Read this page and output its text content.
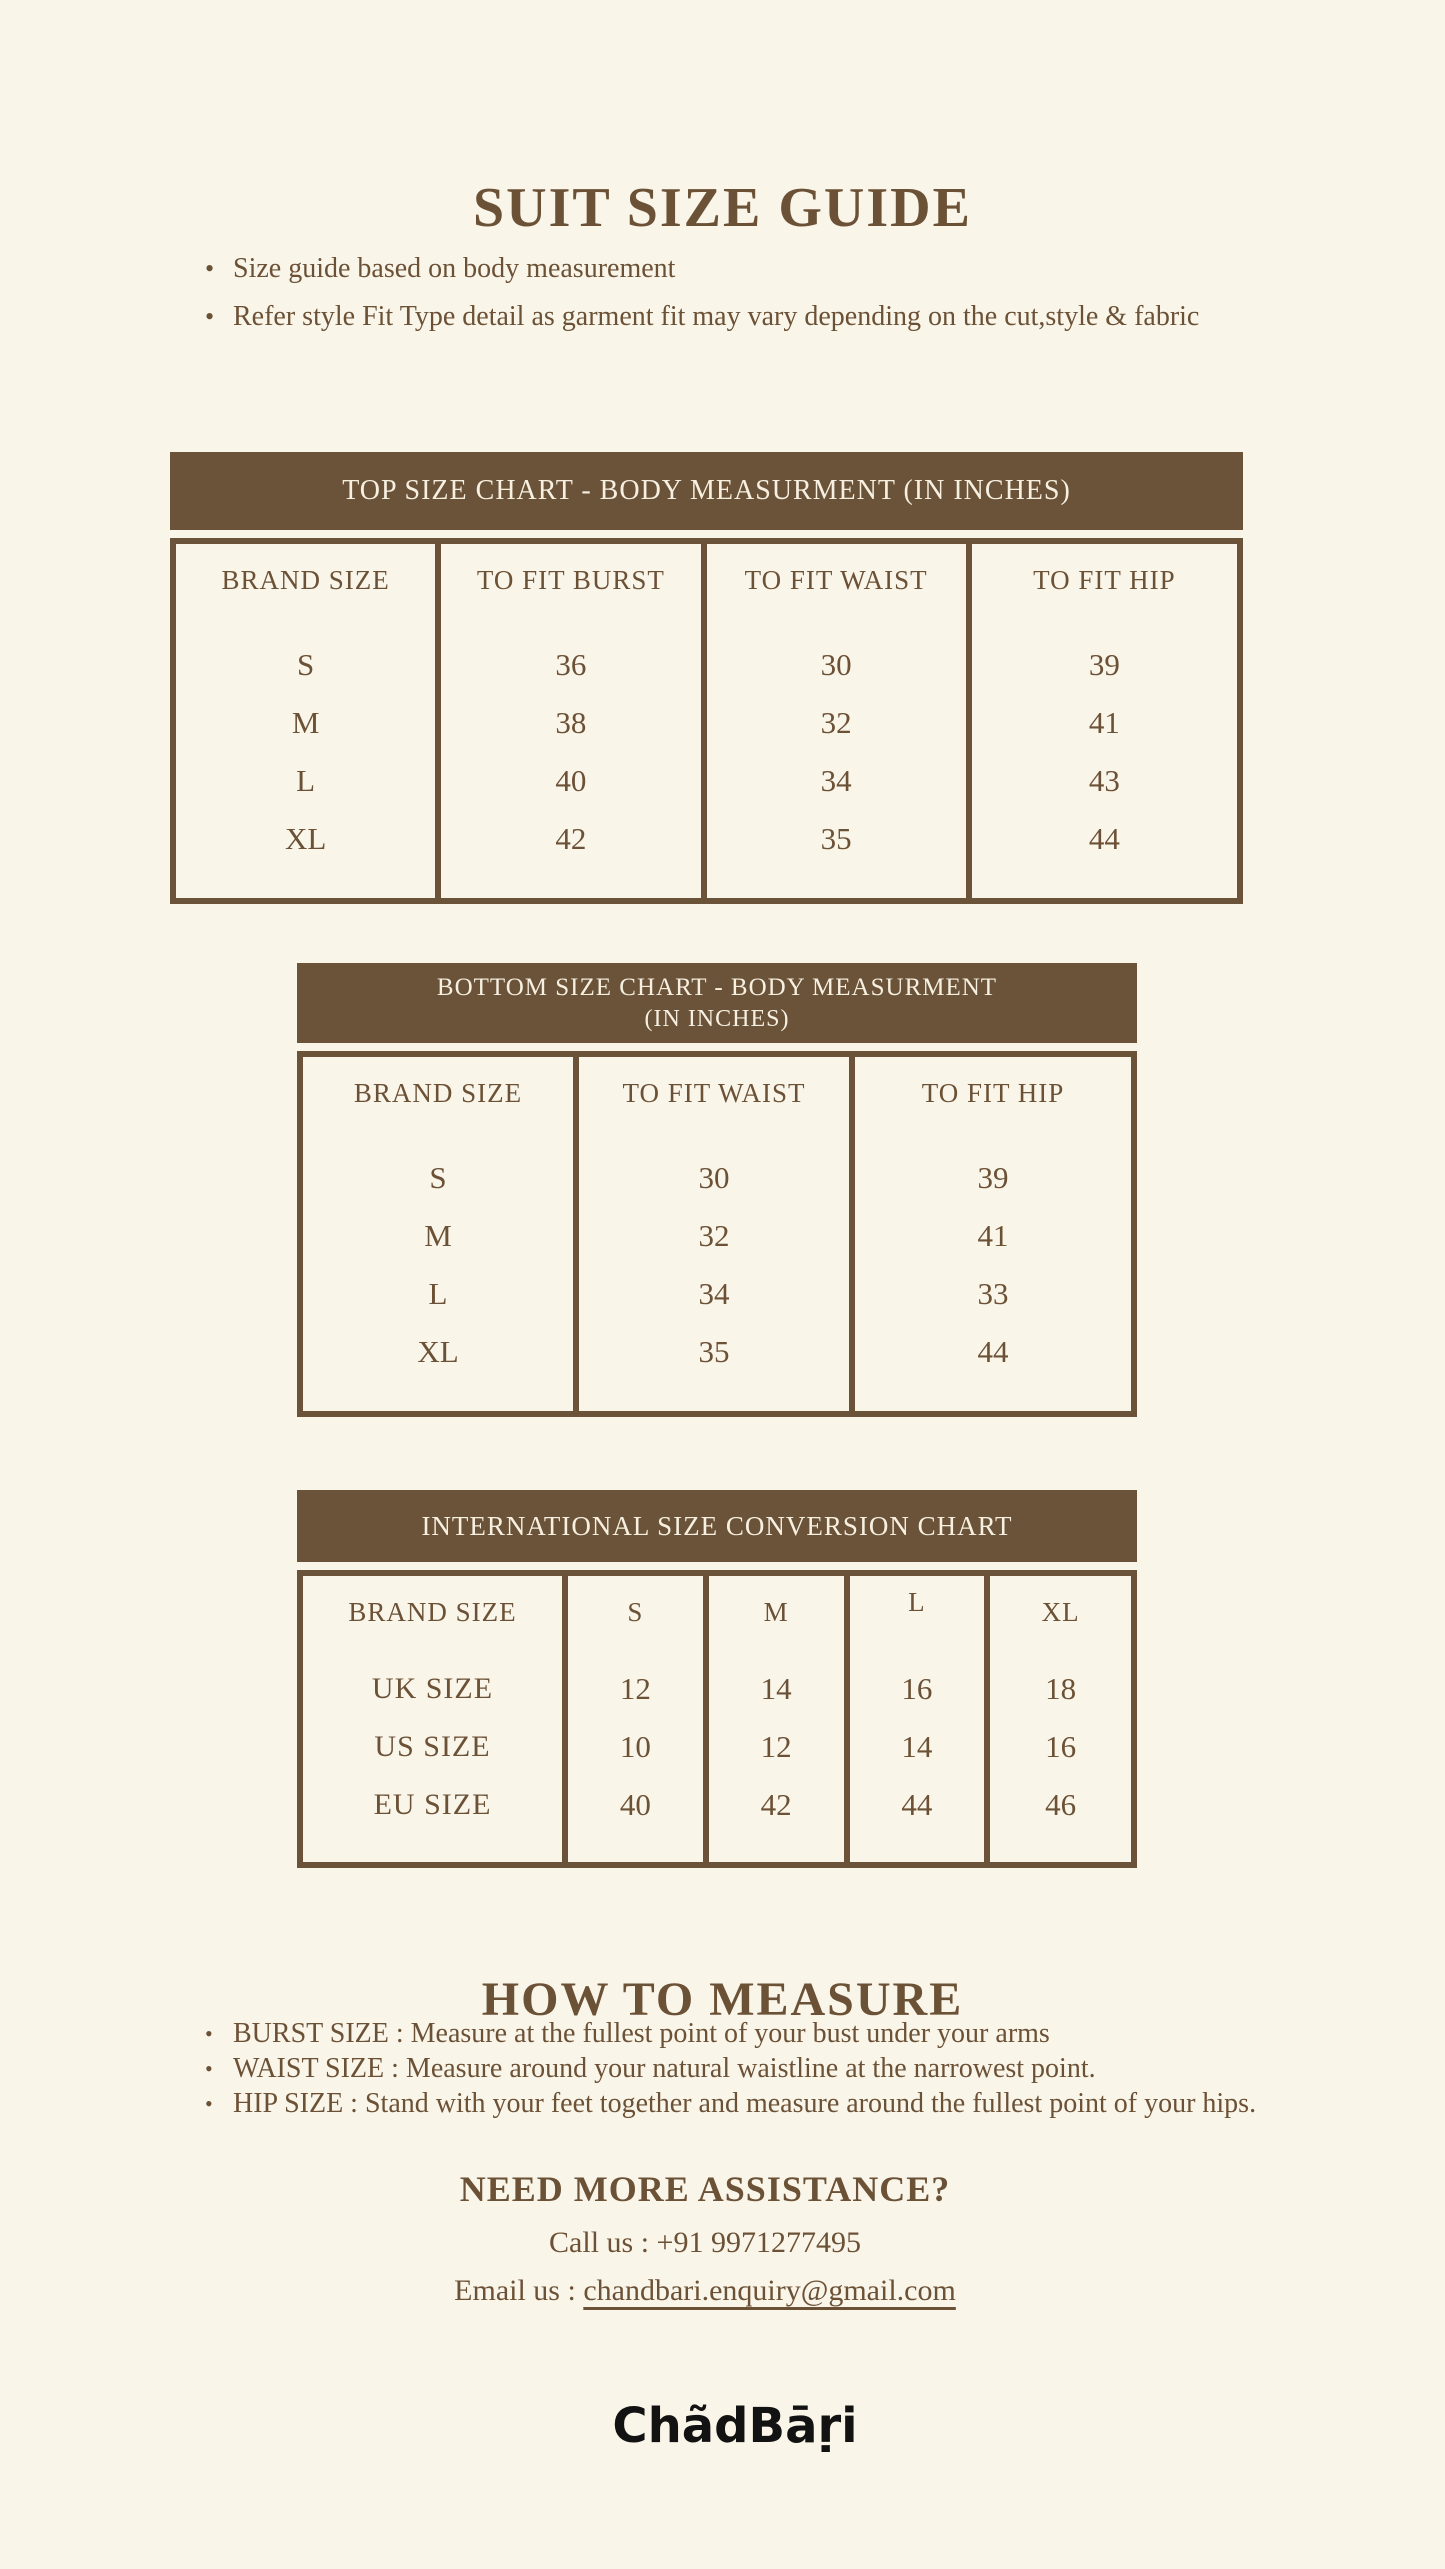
SUIT SIZE GUIDE
• Size guide based on body measurement
• Refer style Fit Type detail as garment fit may vary depending on the cut,style & fabric
TOP SIZE CHART - BODY MEASURMENT (IN INCHES)
BRAND SIZE
S
M
L
XL
TO FIT BURST
36
38
40
42
TO FIT WAIST
30
32
34
35
TO FIT HIP
39
41
43
44
BOTTOM SIZE CHART - BODY MEASURMENT
(IN INCHES)
BRAND SIZE
S
M
L
XL
TO FIT WAIST
30
32
34
35
TO FIT HIP
39
41
33
44
INTERNATIONAL SIZE CONVERSION CHART
BRAND SIZE
UK SIZE
US SIZE
EU SIZE
S
12
10
40
M
14
12
42
L
16
14
44
XL
18
16
46
HOW TO MEASURE
• BURST SIZE : Measure at the fullest point of your bust under your arms
• WAIST SIZE : Measure around your natural waistline at the narrowest point.
• HIP SIZE : Stand with your feet together and measure around the fullest point of your hips.
NEED MORE ASSISTANCE?
Call us : +91 9971277495
Email us : chandbari.enquiry@gmail.com
ChãdBāṛi
